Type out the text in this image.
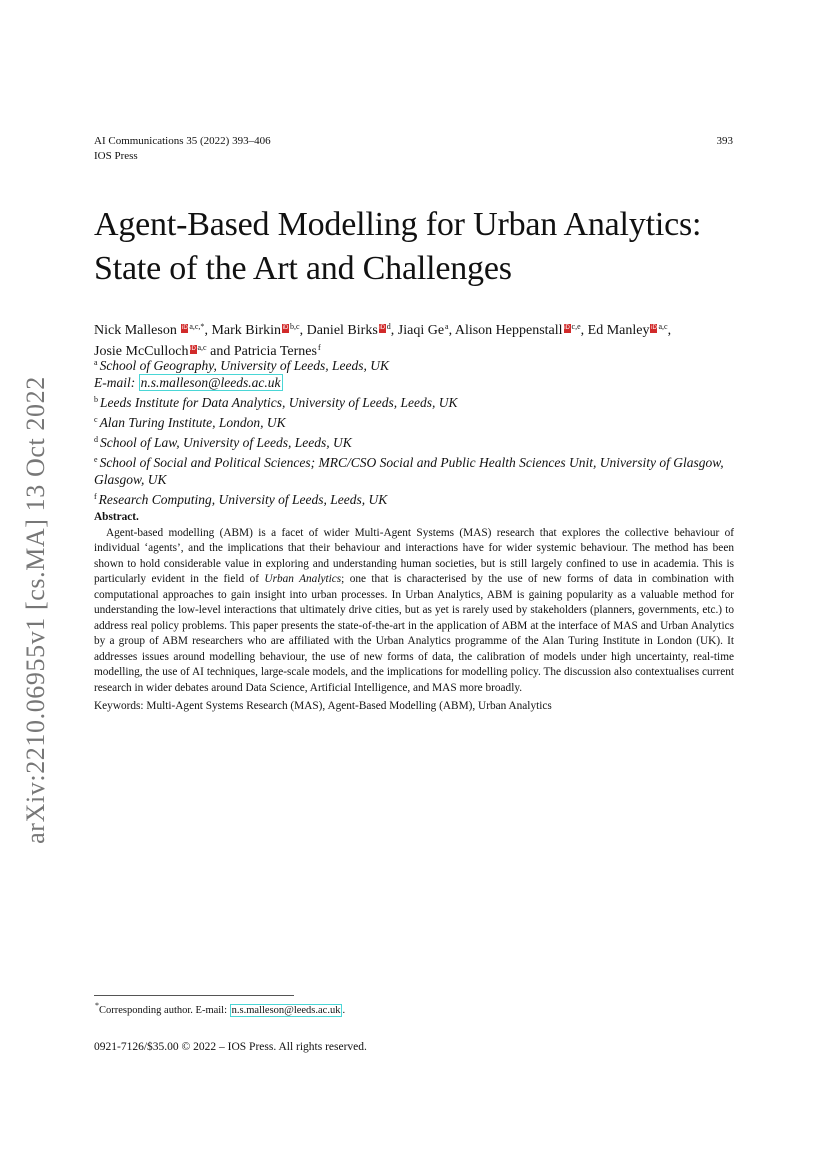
AI Communications 35 (2022) 393–406
IOS Press
393
Agent-Based Modelling for Urban Analytics:
State of the Art and Challenges
Nick Malleson iD $^{a,c,*}$, Mark Birkin iD $^{b,c}$, Daniel Birks iD $^d$, Jiaqi Ge$^a$, Alison Heppenstall iD $^{c,e}$, Ed Manley iD $^{a,c}$,
Josie McCulloch iD $^{a,c}$ and Patricia Ternes$^f$
$^a$ School of Geography, University of Leeds, Leeds, UK
E-mail: n.s.malleson@leeds.ac.uk
$^b$ Leeds Institute for Data Analytics, University of Leeds, Leeds, UK
$^c$ Alan Turing Institute, London, UK
$^d$ School of Law, University of Leeds, Leeds, UK
$^e$ School of Social and Political Sciences; MRC/CSO Social and Public Health Sciences Unit, University of Glasgow, Glasgow, UK
$^f$ Research Computing, University of Leeds, Leeds, UK
Abstract.

Agent-based modelling (ABM) is a facet of wider Multi-Agent Systems (MAS) research that explores the collective behaviour of individual ‘agents’, and the implications that their behaviour and interactions have for wider systemic behaviour. The method has been shown to hold considerable value in exploring and understanding human societies, but is still largely confined to use in academia. This is particularly evident in the field of Urban Analytics; one that is characterised by the use of new forms of data in combination with computational approaches to gain insight into urban processes. In Urban Analytics, ABM is gaining popularity as a valuable method for understanding the low-level interactions that ultimately drive cities, but as yet is rarely used by stakeholders (planners, governments, etc.) to address real policy problems. This paper presents the state-of-the-art in the application of ABM at the interface of MAS and Urban Analytics by a group of ABM researchers who are affiliated with the Urban Analytics programme of the Alan Turing Institute in London (UK). It addresses issues around modelling behaviour, the use of new forms of data, the calibration of models under high uncertainty, real-time modelling, the use of AI techniques, large-scale models, and the implications for modelling policy. The discussion also contextualises current research in wider debates around Data Science, Artificial Intelligence, and MAS more broadly.

Keywords: Multi-Agent Systems Research (MAS), Agent-Based Modelling (ABM), Urban Analytics
arXiv:2210.06955v1 [cs.MA] 13 Oct 2022
*Corresponding author. E-mail: n.s.malleson@leeds.ac.uk .
0921-7126/$35.00 © 2022 – IOS Press. All rights reserved.
